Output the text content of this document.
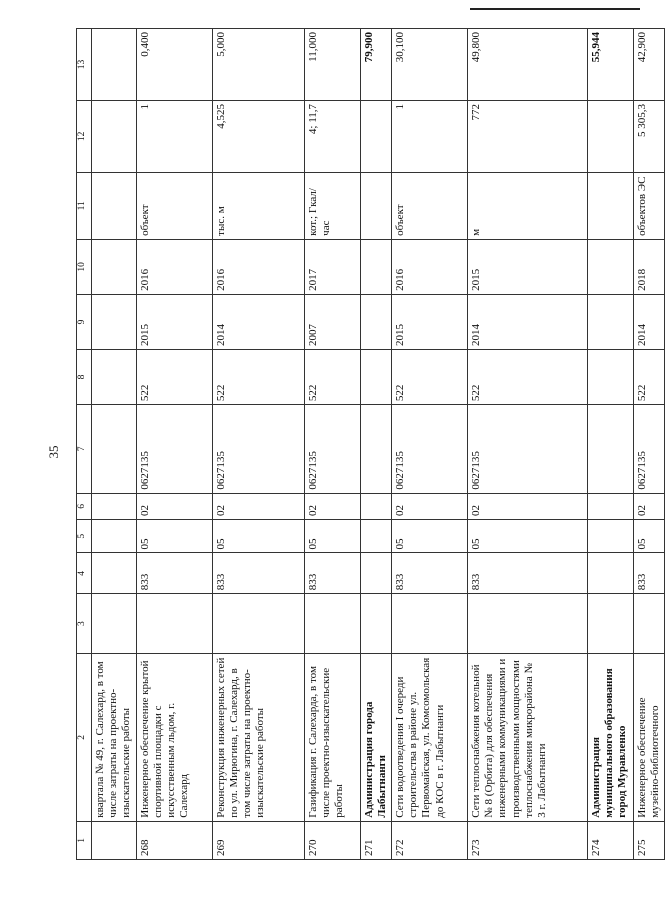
35
1	2	3	4	5	6	7	8	9	10	11	12	13
	квартала № 49, г. Салехард, в том числе затраты на проектно-изыскательские работы											
268	Инженерное обеспечение крытой спортивной площадки с искусственным льдом, г. Салехард		833	05	02	0627135	522	2015	2016	объект	1	0,400
269	Реконструкция инженерных сетей по ул. Мирюгина, г. Салехард, в том числе затраты на проектно-изыскательские работы		833	05	02	0627135	522	2014	2016	тыс. м	4,525	5,000
270	Газификация г. Салехарда, в том числе проектно-изыскательские работы		833	05	02	0627135	522	2007	2017	кот.; Гкал/час	4; 11,7	11,000
271	Администрация города Лабытнанги											79,900
272	Сети водоотведения I очереди строительства в районе ул. Первомайская, ул. Комсомольская до КОС в г. Лабытнанги		833	05	02	0627135	522	2015	2016	объект	1	30,100
273	Сети теплоснабжения котельной № 8 (Орбита) для обеспечения инженерными коммуникациями и производственными мощностями теплоснабжения микрорайона № 3 г. Лабытнанги		833	05	02	0627135	522	2014	2015	м	772	49,800
274	Администрация муниципального образования город Муравленко											55,944
275	Инженерное обеспечение музейно-библиотечного		833	05	02	0627135	522	2014	2018	объектов ЭС	5 305,3	42,900
